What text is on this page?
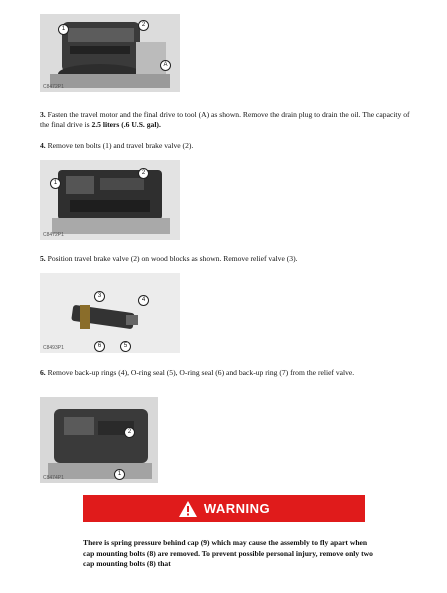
1
2
A
C8472P1
3. Fasten the travel motor and the final drive to tool (A) as shown. Remove the drain plug to drain the oil. The capacity of the final drive is 2.5 liters (.6 U.S. gal).
4. Remove ten bolts (1) and travel brake valve (2).
1
2
C8472P1
5. Position travel brake valve (2) on wood blocks as shown. Remove relief valve (3).
3
4
5
6
C8493P1
6. Remove back-up rings (4), O-ring seal (5), O-ring seal (6) and back-up ring (7) from the relief valve.
2
1
C8474P1
WARNING
There is spring pressure behind cap (9) which may cause the assembly to fly apart when cap mounting bolts (8) are removed. To prevent possible personal injury, remove only two cap mounting bolts (8) that
